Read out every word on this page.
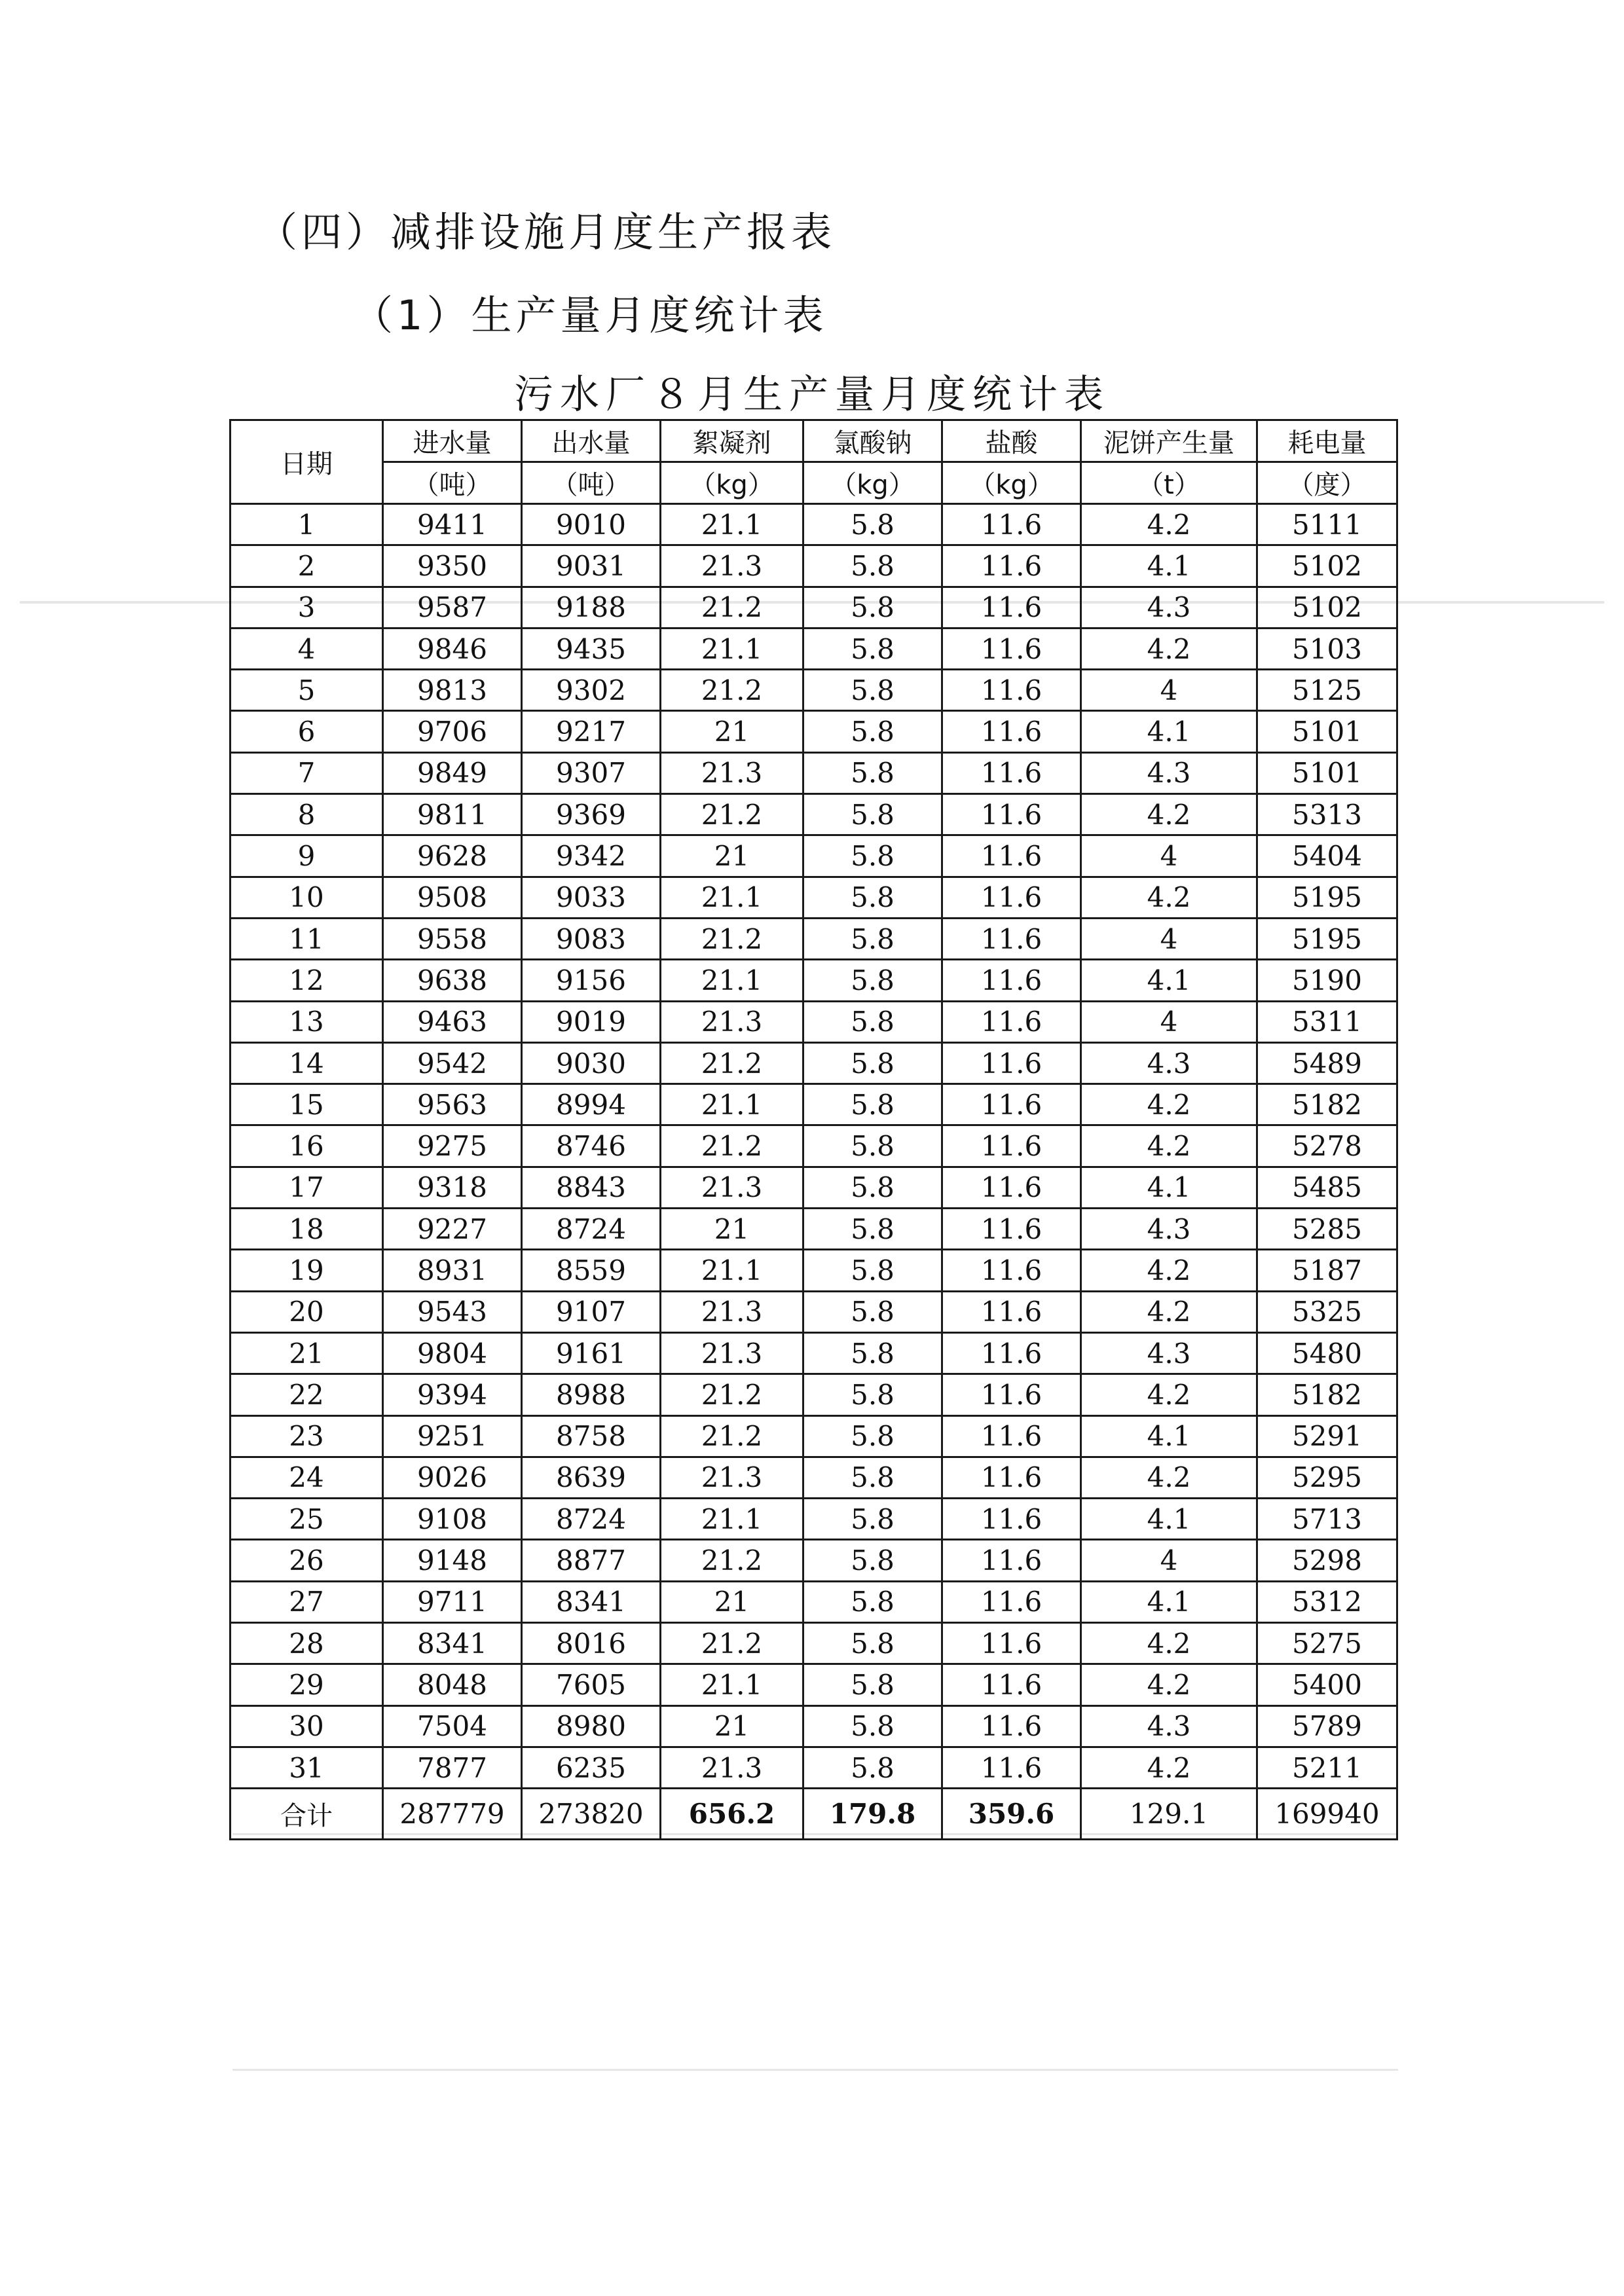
（四）减排设施月度生产报表
（1）生产量月度统计表
污水厂８月生产量月度统计表
日期	进水量	出水量	絮凝剂	氯酸钠	盐酸	泥饼产生量	耗电量
	（吨）	（吨）	（kg）	（kg）	（kg）	（t）	（度）
1	9411	9010	21.1	5.8	11.6	4.2	5111
2	9350	9031	21.3	5.8	11.6	4.1	5102
3	9587	9188	21.2	5.8	11.6	4.3	5102
4	9846	9435	21.1	5.8	11.6	4.2	5103
5	9813	9302	21.2	5.8	11.6	4	5125
6	9706	9217	21	5.8	11.6	4.1	5101
7	9849	9307	21.3	5.8	11.6	4.3	5101
8	9811	9369	21.2	5.8	11.6	4.2	5313
9	9628	9342	21	5.8	11.6	4	5404
10	9508	9033	21.1	5.8	11.6	4.2	5195
11	9558	9083	21.2	5.8	11.6	4	5195
12	9638	9156	21.1	5.8	11.6	4.1	5190
13	9463	9019	21.3	5.8	11.6	4	5311
14	9542	9030	21.2	5.8	11.6	4.3	5489
15	9563	8994	21.1	5.8	11.6	4.2	5182
16	9275	8746	21.2	5.8	11.6	4.2	5278
17	9318	8843	21.3	5.8	11.6	4.1	5485
18	9227	8724	21	5.8	11.6	4.3	5285
19	8931	8559	21.1	5.8	11.6	4.2	5187
20	9543	9107	21.3	5.8	11.6	4.2	5325
21	9804	9161	21.3	5.8	11.6	4.3	5480
22	9394	8988	21.2	5.8	11.6	4.2	5182
23	9251	8758	21.2	5.8	11.6	4.1	5291
24	9026	8639	21.3	5.8	11.6	4.2	5295
25	9108	8724	21.1	5.8	11.6	4.1	5713
26	9148	8877	21.2	5.8	11.6	4	5298
27	9711	8341	21	5.8	11.6	4.1	5312
28	8341	8016	21.2	5.8	11.6	4.2	5275
29	8048	7605	21.1	5.8	11.6	4.2	5400
30	7504	8980	21	5.8	11.6	4.3	5789
31	7877	6235	21.3	5.8	11.6	4.2	5211
合计	287779	273820	656.2	179.8	359.6	129.1	169940
